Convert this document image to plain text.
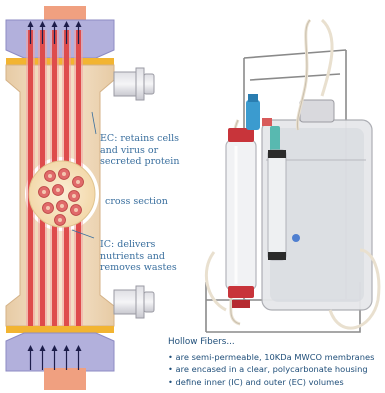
EC: retains cells
and virus or
secreted protein
cross section
IC: delivers
nutrients and
removes wastes
Hollow Fibers...
• are semi-permeable, 10KDa MWCO membranes
• are encased in a clear, polycarbonate housing
• define inner (IC) and outer (EC) volumes
